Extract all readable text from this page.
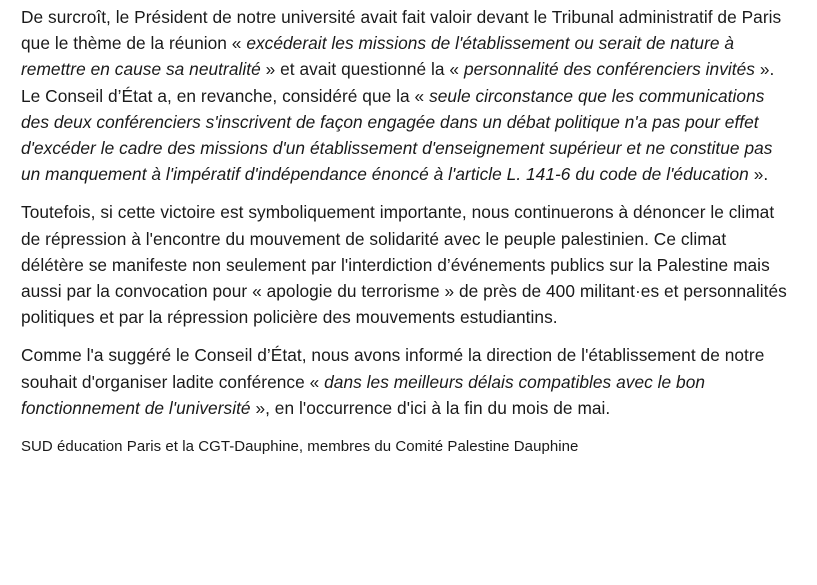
De surcroît, le Président de notre université avait fait valoir devant le Tribunal administratif de Paris que le thème de la réunion « excéderait les missions de l'établissement ou serait de nature à remettre en cause sa neutralité » et avait questionné la « personnalité des conférenciers invités ». Le Conseil d’État a, en revanche, considéré que la « seule circonstance que les communications des deux conférenciers s'inscrivent de façon engagée dans un débat politique n'a pas pour effet d'excéder le cadre des missions d'un établissement d'enseignement supérieur et ne constitue pas un manquement à l'impératif d'indépendance énoncé à l'article L. 141-6 du code de l'éducation ».

Toutefois, si cette victoire est symboliquement importante, nous continuerons à dénoncer le climat de répression à l'encontre du mouvement de solidarité avec le peuple palestinien. Ce climat délétère se manifeste non seulement par l'interdiction d’événements publics sur la Palestine mais aussi par la convocation pour « apologie du terrorisme » de près de 400 militant·es et personnalités politiques et par la répression policière des mouvements estudiantins.

Comme l'a suggéré le Conseil d’État, nous avons informé la direction de l'établissement de notre souhait d'organiser ladite conférence « dans les meilleurs délais compatibles avec le bon fonctionnement de l'université », en l'occurrence d'ici à la fin du mois de mai.

SUD éducation Paris et la CGT-Dauphine, membres du Comité Palestine Dauphine
